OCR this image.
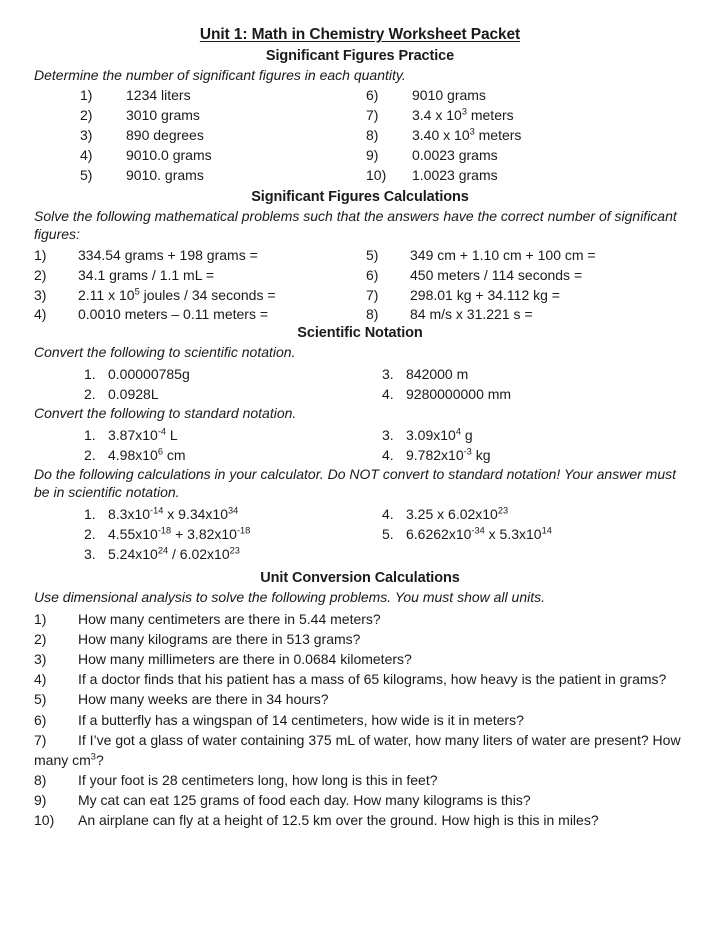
Unit 1: Math in Chemistry Worksheet Packet
Significant Figures Practice
Determine the number of significant figures in each quantity.
1)	1234 liters
2)	3010 grams
3)	890 degrees
4)	9010.0 grams
5)	9010. grams
6)	9010 grams
7)	3.4 x $10^3$ meters
8)	3.40 x $10^3$ meters
9)	0.0023 grams
10)	1.0023 grams
Significant Figures Calculations
Solve the following mathematical problems such that the answers have the correct number of significant figures:
1)	334.54 grams + 198 grams =
2)	34.1 grams / 1.1 mL =
3)	2.11 x $10^5$ joules / 34 seconds =
4)	0.0010 meters – 0.11 meters =
5)	349 cm + 1.10 cm + 100 cm =
6)	450 meters / 114 seconds =
7)	298.01 kg + 34.112 kg =
8)	84 m/s x 31.221 s =
Scientific Notation
Convert the following to scientific notation.
1. 0.00000785g
2. 0.0928L
3. 842000 m
4. 9280000000 mm
Convert the following to standard notation.
1. $3.87x10^{-4}$ L
2. $4.98x10^6$ cm
3. $3.09x10^4$ g
4. $9.782x10^{-3}$ kg
Do the following calculations in your calculator. Do NOT convert to standard notation! Your answer must be in scientific notation.
1. $8.3x10^{-14}$ x $9.34x10^{34}$
2. $4.55x10^{-18} + 3.82x10^{-18}$
3. $5.24x10^{24} / 6.02x10^{23}$
4. 3.25 x $6.02x10^{23}$
5. $6.6262x10^{-34}$ x $5.3x10^{14}$
Unit Conversion Calculations
Use dimensional analysis to solve the following problems. You must show all units.

1) How many centimeters are there in 5.44 meters?

2) How many kilograms are there in 513 grams?

3) How many millimeters are there in 0.0684 kilometers?

4) If a doctor finds that his patient has a mass of 65 kilograms, how heavy is the patient in grams?

5) How many weeks are there in 34 hours?

6) If a butterfly has a wingspan of 14 centimeters, how wide is it in meters?

7) If I’ve got a glass of water containing 375 mL of water, how many liters of water are present? How many $cm^3$?

8) If your foot is 28 centimeters long, how long is this in feet?

9) My cat can eat 125 grams of food each day. How many kilograms is this?

10) An airplane can fly at a height of 12.5 km over the ground. How high is this in miles?
